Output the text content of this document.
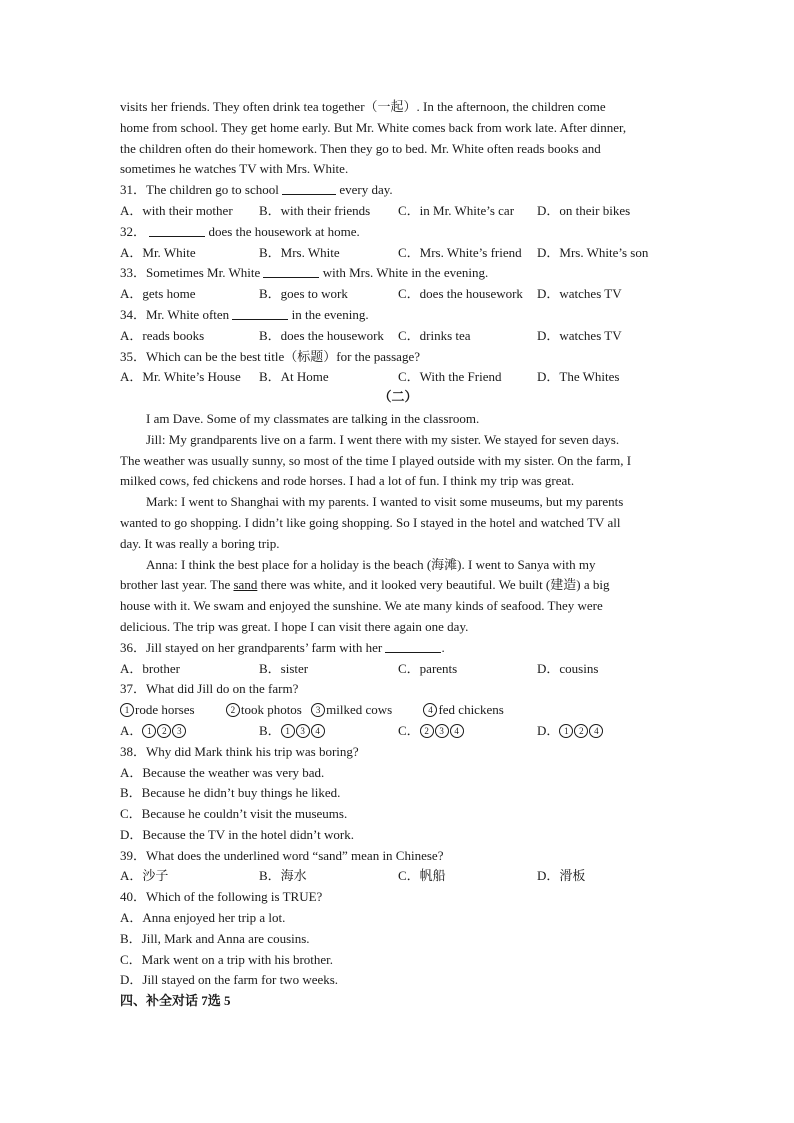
visits her friends. They often drink tea together（一起）. In the afternoon, the children come
home from school. They get home early. But Mr. White comes back from work late. After dinner,
the children often do their homework. Then they go to bed. Mr. White often reads books and
sometimes he watches TV with Mrs. White.
31．The children go to school	every day.
A．with their mother	B．with their friends	C．in Mr. White’s car	D．on their bikes
32．	does the housework at home.
A．Mr. White	B．Mrs. White	C．Mrs. White’s friend	D．Mrs. White’s son
33．Sometimes Mr. White	with Mrs. White in the evening.
A．gets home	B．goes to work	C．does the housework	D．watches TV
34．Mr. White often	in the evening.
A．reads books	B．does the housework	C．drinks tea	D．watches TV
35．Which can be the best title（标题）for the passage?
A．Mr. White’s House	B．At Home	C．With the Friend	D．The Whites
（二）
I am Dave. Some of my classmates are talking in the classroom.
Jill: My grandparents live on a farm. I went there with my sister. We stayed for seven days.
The weather was usually sunny, so most of the time I played outside with my sister. On the farm, I
milked cows, fed chickens and rode horses. I had a lot of fun. I think my trip was great.
Mark: I went to Shanghai with my parents. I wanted to visit some museums, but my parents
wanted to go shopping. I didn’t like going shopping. So I stayed in the hotel and watched TV all
day. It was really a boring trip.
Anna: I think the best place for a holiday is the beach (海滩). I went to Sanya with my
brother last year. The sand there was white, and it looked very beautiful. We built (建造) a big
house with it. We swam and enjoyed the sunshine. We ate many kinds of seafood. They were
delicious. The trip was great. I hope I can visit there again one day.
36．Jill stayed on her grandparents’ farm with her	.
A．brother	B．sister	C．parents	D．cousins
37．What did Jill do on the farm?
1 rode horses	2 took photos 3 milked cows	4 fed chickens
A． 1 2 3	B． 1 3 4	C． 2 3 4	D． 1 2 4
38．Why did Mark think his trip was boring?
A．Because the weather was very bad.
B．Because he didn’t buy things he liked.
C．Because he couldn’t visit the museums.
D．Because the TV in the hotel didn’t work.
39．What does the underlined word “sand” mean in Chinese?
A．沙子	B．海水	C．帆船	D．滑板
40．Which of the following is TRUE?
A．Anna enjoyed her trip a lot.
B．Jill, Mark and Anna are cousins.
C．Mark went on a trip with his brother.
D．Jill stayed on the farm for two weeks.
四、补全对话 7选 5
